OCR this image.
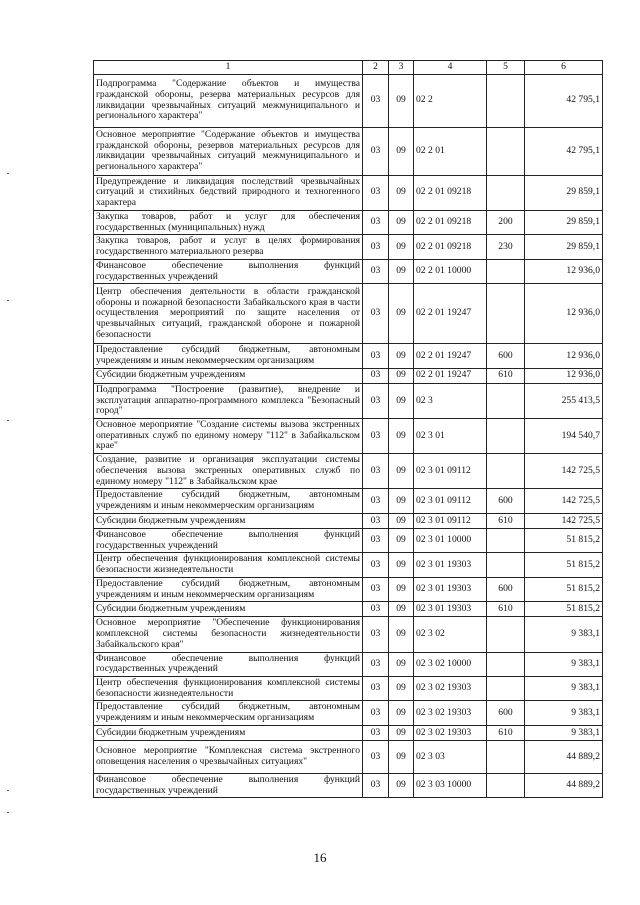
1	2	3	4	5	6
Подпрограмма "Содержание объектов и имущества гражданской обороны, резерва материальных ресурсов для ликвидации чрезвычайных ситуаций межмуниципального и регионального характера"	03	09	02 2		42 795,1
Основное мероприятие "Содержание объектов и имущества гражданской обороны, резервов материальных ресурсов для ликвидации чрезвычайных ситуаций межмуниципального и регионального характера"	03	09	02 2 01		42 795,1
Предупреждение и ликвидация последствий чрезвычайных ситуаций и стихийных бедствий природного и техногенного характера	03	09	02 2 01 09218		29 859,1
Закупка товаров, работ и услуг для обеспечения государственных (муниципальных) нужд	03	09	02 2 01 09218	200	29 859,1
Закупка товаров, работ и услуг в целях формирования государственного материального резерва	03	09	02 2 01 09218	230	29 859,1
Финансовое обеспечение выполнения функций государственных учреждений	03	09	02 2 01 10000		12 936,0
Центр обеспечения деятельности в области гражданской обороны и пожарной безопасности Забайкальского края в части осуществления мероприятий по защите населения от чрезвычайных ситуаций, гражданской обороне и пожарной безопасности	03	09	02 2 01 19247		12 936,0
Предоставление субсидий бюджетным, автономным учреждениям и иным некоммерческим организациям	03	09	02 2 01 19247	600	12 936,0
Субсидии бюджетным учреждениям	03	09	02 2 01 19247	610	12 936,0
Подпрограмма "Построение (развитие), внедрение и эксплуатация аппаратно-программного комплекса "Безопасный город"	03	09	02 3		255 413,5
Основное мероприятие "Создание системы вызова экстренных оперативных служб по единому номеру "112" в Забайкальском крае"	03	09	02 3 01		194 540,7
Создание, развитие и организация эксплуатации системы обеспечения вызова экстренных оперативных служб по единому номеру "112" в Забайкальском крае	03	09	02 3 01 09112		142 725,5
Предоставление субсидий бюджетным, автономным учреждениям и иным некоммерческим организациям	03	09	02 3 01 09112	600	142 725,5
Субсидии бюджетным учреждениям	03	09	02 3 01 09112	610	142 725,5
Финансовое обеспечение выполнения функций государственных учреждений	03	09	02 3 01 10000		51 815,2
Центр обеспечения функционирования комплексной системы безопасности жизнедеятельности	03	09	02 3 01 19303		51 815,2
Предоставление субсидий бюджетным, автономным учреждениям и иным некоммерческим организациям	03	09	02 3 01 19303	600	51 815,2
Субсидии бюджетным учреждениям	03	09	02 3 01 19303	610	51 815,2
Основное мероприятие "Обеспечение функционирования комплексной системы безопасности жизнедеятельности Забайкальского края"	03	09	02 3 02		9 383,1
Финансовое обеспечение выполнения функций государственных учреждений	03	09	02 3 02 10000		9 383,1
Центр обеспечения функционирования комплексной системы безопасности жизнедеятельности	03	09	02 3 02 19303		9 383,1
Предоставление субсидий бюджетным, автономным учреждениям и иным некоммерческим организациям	03	09	02 3 02 19303	600	9 383,1
Субсидии бюджетным учреждениям	03	09	02 3 02 19303	610	9 383,1
Основное мероприятие "Комплексная система экстренного оповещения населения о чрезвычайных ситуациях"	03	09	02 3 03		44 889,2
Финансовое обеспечение выполнения функций государственных учреждений	03	09	02 3 03 10000		44 889,2
16
